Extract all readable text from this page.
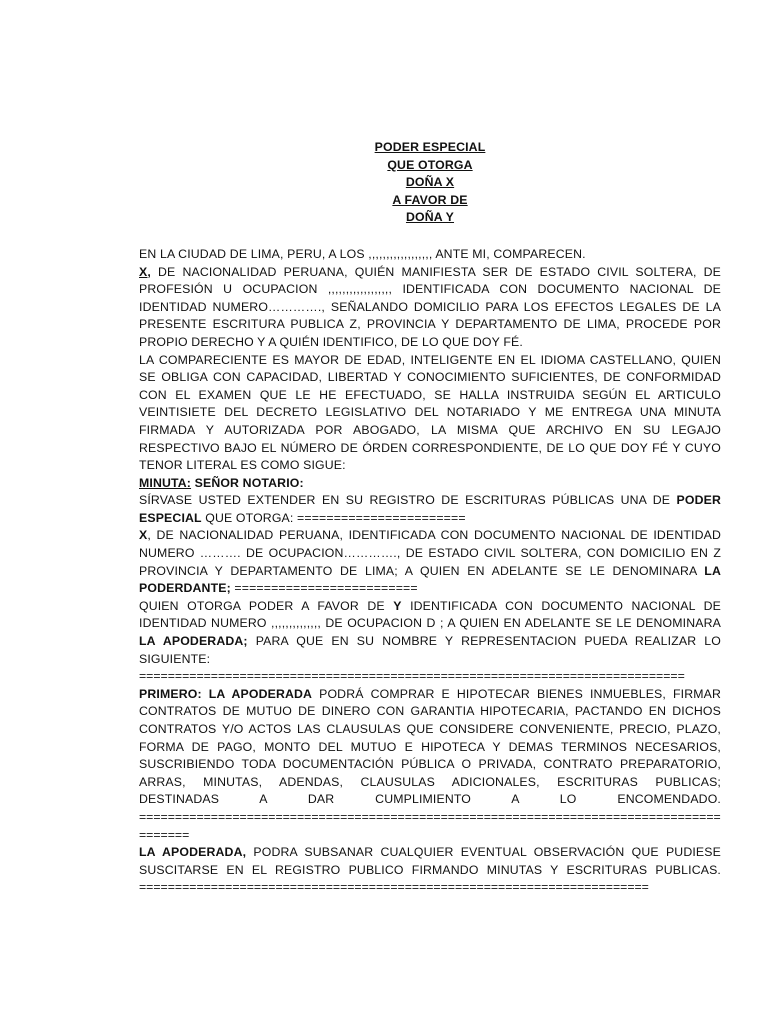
PODER ESPECIAL
QUE OTORGA
DOÑA X
A FAVOR DE
DOÑA Y
EN LA CIUDAD DE LIMA, PERU, A LOS ,,,,,,,,,,,,,,,,,, ANTE MI, COMPARECEN.
X, DE NACIONALIDAD PERUANA, QUIÉN MANIFIESTA SER DE ESTADO CIVIL SOLTERA, DE PROFESIÓN U OCUPACION ,,,,,,,,,,,,,,,,,, IDENTIFICADA CON DOCUMENTO NACIONAL DE IDENTIDAD NUMERO…………., SEÑALANDO DOMICILIO PARA LOS EFECTOS LEGALES DE LA PRESENTE ESCRITURA PUBLICA Z, PROVINCIA Y DEPARTAMENTO DE LIMA, PROCEDE POR PROPIO DERECHO Y A QUIÉN IDENTIFICO, DE LO QUE DOY FÉ.
LA COMPARECIENTE ES MAYOR DE EDAD, INTELIGENTE EN EL IDIOMA CASTELLANO, QUIEN SE OBLIGA CON CAPACIDAD, LIBERTAD Y CONOCIMIENTO SUFICIENTES, DE CONFORMIDAD CON EL EXAMEN QUE LE HE EFECTUADO, SE HALLA INSTRUIDA SEGÚN EL ARTICULO VEINTISIETE DEL DECRETO LEGISLATIVO DEL NOTARIADO Y ME ENTREGA UNA MINUTA FIRMADA Y AUTORIZADA POR ABOGADO, LA MISMA QUE ARCHIVO EN SU LEGAJO RESPECTIVO BAJO EL NÚMERO DE ÓRDEN CORRESPONDIENTE, DE LO QUE DOY FÉ Y CUYO TENOR LITERAL ES COMO SIGUE:
MINUTA: SEÑOR NOTARIO:
SÍRVASE USTED EXTENDER EN SU REGISTRO DE ESCRITURAS PÚBLICAS UNA DE PODER ESPECIAL QUE OTORGA: =======================
X, DE NACIONALIDAD PERUANA, IDENTIFICADA CON DOCUMENTO NACIONAL DE IDENTIDAD NUMERO ………. DE OCUPACION…………., DE ESTADO CIVIL SOLTERA, CON DOMICILIO EN Z PROVINCIA Y DEPARTAMENTO DE LIMA; A QUIEN EN ADELANTE SE LE DENOMINARA LA PODERDANTE; =========================
QUIEN OTORGA PODER A FAVOR DE Y IDENTIFICADA CON DOCUMENTO NACIONAL DE IDENTIDAD NUMERO ,,,,,,,,,,,,,, DE OCUPACION D ; A QUIEN EN ADELANTE SE LE DENOMINARA LA APODERADA; PARA QUE EN SU NOMBRE Y REPRESENTACION PUEDA REALIZAR LO SIGUIENTE:
============================================================================
PRIMERO: LA APODERADA PODRÁ COMPRAR E HIPOTECAR BIENES INMUEBLES, FIRMAR CONTRATOS DE MUTUO DE DINERO CON GARANTIA HIPOTECARIA, PACTANDO EN DICHOS CONTRATOS Y/O ACTOS LAS CLAUSULAS QUE CONSIDERE CONVENIENTE, PRECIO, PLAZO, FORMA DE PAGO, MONTO DEL MUTUO E HIPOTECA Y DEMAS TERMINOS NECESARIOS, SUSCRIBIENDO TODA DOCUMENTACIÓN PÚBLICA O PRIVADA, CONTRATO PREPARATORIO, ARRAS, MINUTAS, ADENDAS, CLAUSULAS ADICIONALES, ESCRITURAS PUBLICAS; DESTINADAS A DAR CUMPLIMIENTO A LO ENCOMENDADO.
========================================================================================
LA APODERADA, PODRA SUBSANAR CUALQUIER EVENTUAL OBSERVACIÓN QUE PUDIESE SUSCITARSE EN EL REGISTRO PUBLICO FIRMANDO MINUTAS Y ESCRITURAS PUBLICAS.
=======================================================================
